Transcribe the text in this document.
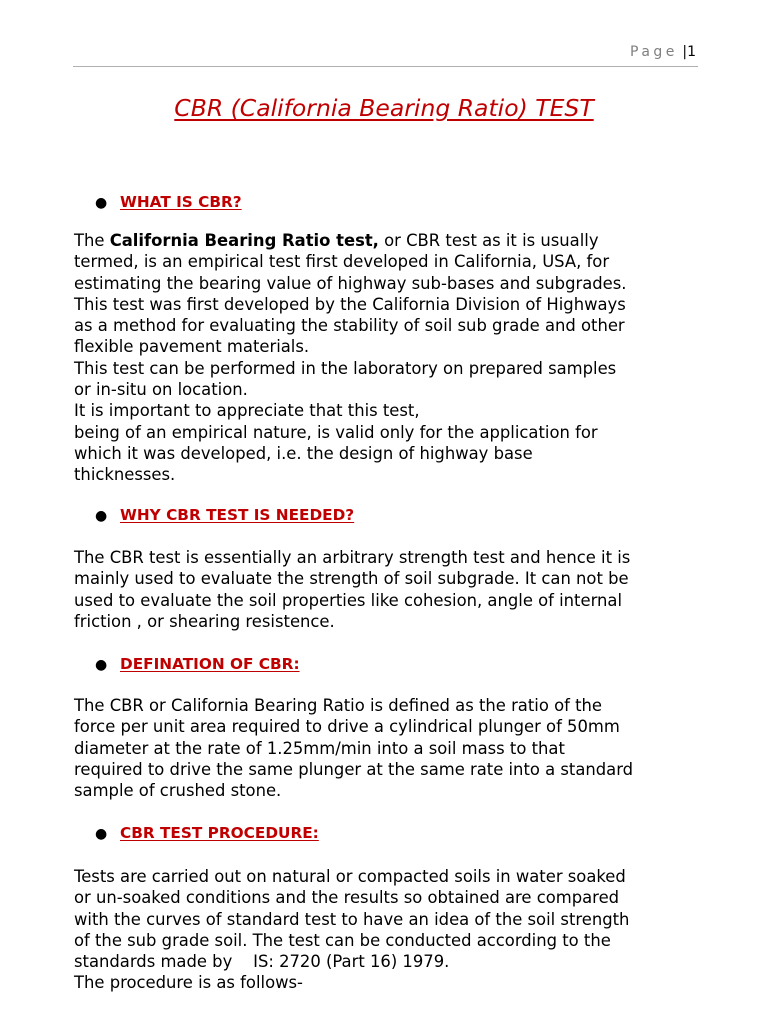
Page |1
CBR (California Bearing Ratio) TEST
● WHAT IS CBR?
The California Bearing Ratio test, or CBR test as it is usually
termed, is an empirical test first developed in California, USA, for
estimating the bearing value of highway sub-bases and subgrades.
This test was first developed by the California Division of Highways
as a method for evaluating the stability of soil sub grade and other
flexible pavement materials.
This test can be performed in the laboratory on prepared samples
or in-situ on location.
It is important to appreciate that this test,
being of an empirical nature, is valid only for the application for
which it was developed, i.e. the design of highway base
thicknesses.
● WHY CBR TEST IS NEEDED?
The CBR test is essentially an arbitrary strength test and hence it is
mainly used to evaluate the strength of soil subgrade. It can not be
used to evaluate the soil properties like cohesion, angle of internal
friction , or shearing resistence.
● DEFINATION OF CBR:
The CBR or California Bearing Ratio is defined as the ratio of the
force per unit area required to drive a cylindrical plunger of 50mm
diameter at the rate of 1.25mm/min into a soil mass to that
required to drive the same plunger at the same rate into a standard
sample of crushed stone.
● CBR TEST PROCEDURE:
Tests are carried out on natural or compacted soils in water soaked
or un-soaked conditions and the results so obtained are compared
with the curves of standard test to have an idea of the soil strength
of the sub grade soil. The test can be conducted according to the
standards made by    IS: 2720 (Part 16) 1979.
The procedure is as follows-
